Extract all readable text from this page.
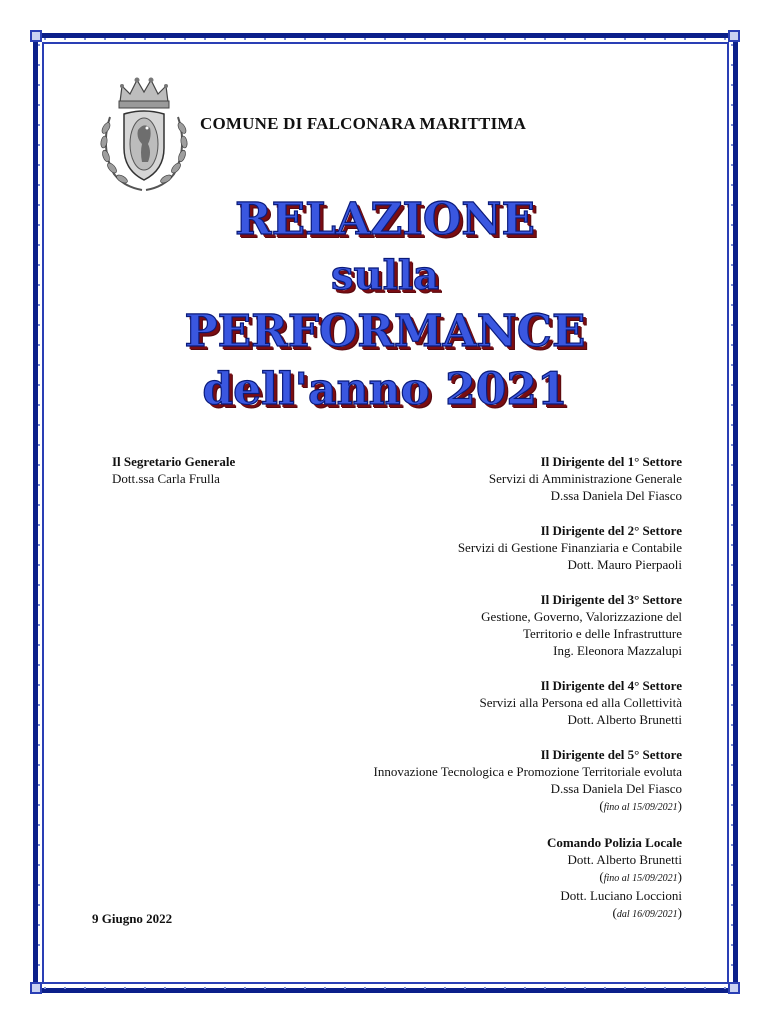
COMUNE DI FALCONARA MARITTIMA
RELAZIONE
sulla
PERFORMANCE
dell'anno 2021
Il Segretario Generale
Dott.ssa Carla Frulla
Il Dirigente del 1° Settore
Servizi di Amministrazione Generale
D.ssa Daniela Del Fiasco
Il Dirigente del 2° Settore
Servizi di Gestione Finanziaria e Contabile
Dott. Mauro Pierpaoli
Il Dirigente del 3° Settore
Gestione, Governo, Valorizzazione del
Territorio e delle Infrastrutture
Ing. Eleonora Mazzalupi
Il Dirigente del 4° Settore
Servizi alla Persona ed alla Collettività
Dott. Alberto Brunetti
Il Dirigente del 5° Settore
Innovazione Tecnologica e Promozione Territoriale evoluta
D.ssa Daniela Del Fiasco
(fino al 15/09/2021)
Comando Polizia Locale
Dott. Alberto Brunetti
(fino al 15/09/2021)
Dott. Luciano Loccioni
(dal 16/09/2021)
9 Giugno 2022
